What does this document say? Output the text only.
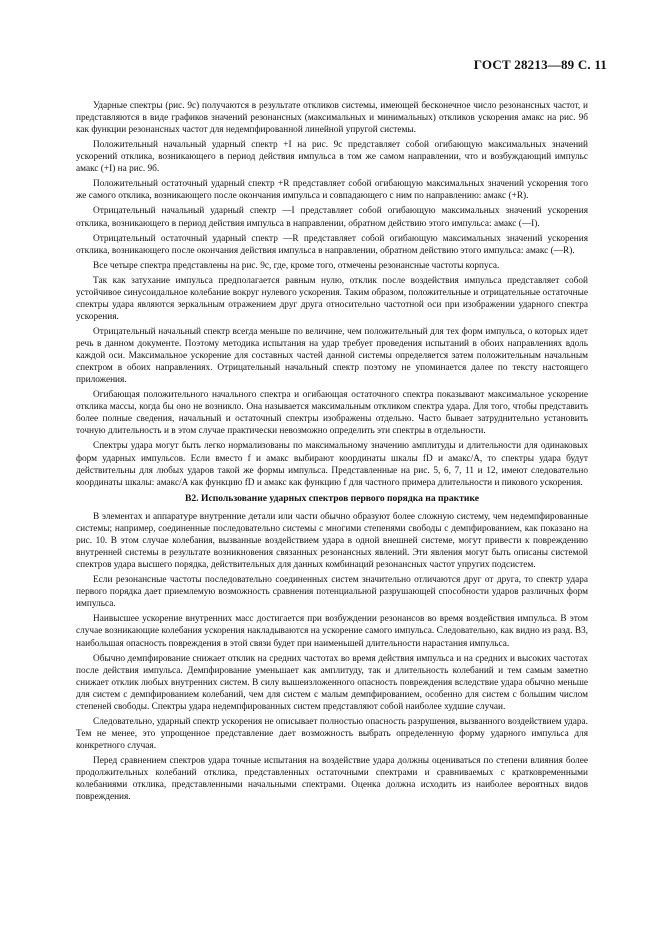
ГОСТ 28213—89 С. 11

Ударные спектры (рис. 9с) получаются в результате откликов системы, имеющей бесконечное число резонансных частот, и представляются в виде графиков значений резонансных (максимальных и минимальных) откликов ускорения aмакс на рис. 9б как функции резонансных частот для недемпфированной линейной упругой системы.

Положительный начальный ударный спектр +I на рис. 9с представляет собой огибающую максимальных значений ускорений отклика, возникающего в период действия импульса в том же самом направлении, что и возбуждающий импульс aмакс (+I) на рис. 9б.

Положительный остаточный ударный спектр +R представляет собой огибающую максимальных значений ускорения того же самого отклика, возникающего после окончания импульса и совпадающего с ним по направлению: aмакс (+R).

Отрицательный начальный ударный спектр —I представляет собой огибающую максимальных значений ускорения отклика, возникающего в период действия импульса в направлении, обратном действию этого импульса: aмакс (—I).

Отрицательный остаточный ударный спектр —R представляет собой огибающую максимальных значений ускорения отклика, возникающего после окончания действия импульса в направлении, обратном действию этого импульса: aмакс (—R).

Все четыре спектра представлены на рис. 9с, где, кроме того, отмечены резонансные частоты корпуса.

Так как затухание импульса предполагается равным нулю, отклик после воздействия импульса представляет собой устойчивое синусоидальное колебание вокруг нулевого ускорения. Таким образом, положительные и отрицательные остаточные спектры удара являются зеркальным отражением друг друга относительно частотной оси при изображении ударного спектра ускорения.

Отрицательный начальный спектр всегда меньше по величине, чем положительный для тех форм импульса, о которых идет речь в данном документе. Поэтому методика испытания на удар требует проведения испытаний в обоих направлениях вдоль каждой оси. Максимальное ускорение для составных частей данной системы определяется затем положительным начальным спектром в обоих направлениях. Отрицательный начальный спектр поэтому не упоминается далее по тексту настоящего приложения.

Огибающая положительного начального спектра и огибающая остаточного спектра показывают максимальное ускорение отклика массы, когда бы оно не возникло. Она называется максимальным откликом спектра удара. Для того, чтобы представить более полные сведения, начальный и остаточный спектры изображены отдельно. Часто бывает затруднительно установить точную длительность и в этом случае практически невозможно определить эти спектры в отдельности.

Спектры удара могут быть легко нормализованы по максимальному значению амплитуды и длительности для одинаковых форм ударных импульсов. Если вместо f и aмакс выбирают координаты шкалы fD и aмакс/A, то спектры удара будут действительны для любых ударов такой же формы импульса. Представленные на рис. 5, 6, 7, 11 и 12, имеют следовательно координаты шкалы: aмакс/A как функцию fD и aмакс как функцию f для частного примера длительности и пикового ускорения.

В2. Использование ударных спектров первого порядка на практике

В элементах и аппаратуре внутренние детали или части обычно образуют более сложную систему, чем недемпфированные системы; например, соединенные последовательно системы с многими степенями свободы с демпфированием, как показано на рис. 10. В этом случае колебания, вызванные воздействием удара в одной внешней системе, могут привести к повреждению внутренней системы в результате возникновения связанных резонансных явлений. Эти явления могут быть описаны системой спектров удара высшего порядка, действительных для данных комбинаций резонансных частот упругих подсистем.

Если резонансные частоты последовательно соединенных систем значительно отличаются друг от друга, то спектр удара первого порядка дает приемлемую возможность сравнения потенциальной разрушающей способности ударов различных форм импульса.

Наивысшее ускорение внутренних масс достигается при возбуждении резонансов во время воздействия импульса. В этом случае возникающие колебания ускорения накладываются на ускорение самого импульса. Следовательно, как видно из разд. В3, наибольшая опасность повреждения в этой связи будет при наименьшей длительности нарастания импульса.

Обычно демпфирование снижает отклик на средних частотах во время действия импульса и на средних и высоких частотах после действия импульса. Демпфирование уменьшает как амплитуду, так и длительность колебаний и тем самым заметно снижает отклик любых внутренних систем. В силу вышеизложенного опасность повреждения вследствие удара обычно меньше для систем с демпфированием колебаний, чем для систем с малым демпфированием, особенно для систем с большим числом степеней свободы. Спектры удара недемпфированных систем представляют собой наиболее худшие случаи.

Следовательно, ударный спектр ускорения не описывает полностью опасность разрушения, вызванного воздействием удара. Тем не менее, это упрощенное представление дает возможность выбрать определенную форму ударного импульса для конкретного случая.

Перед сравнением спектров удара точные испытания на воздействие удара должны оцениваться по степени влияния более продолжительных колебаний отклика, представленных остаточными спектрами и сравниваемых с кратковременными колебаниями отклика, представленными начальными спектрами. Оценка должна исходить из наиболее вероятных видов повреждения.
